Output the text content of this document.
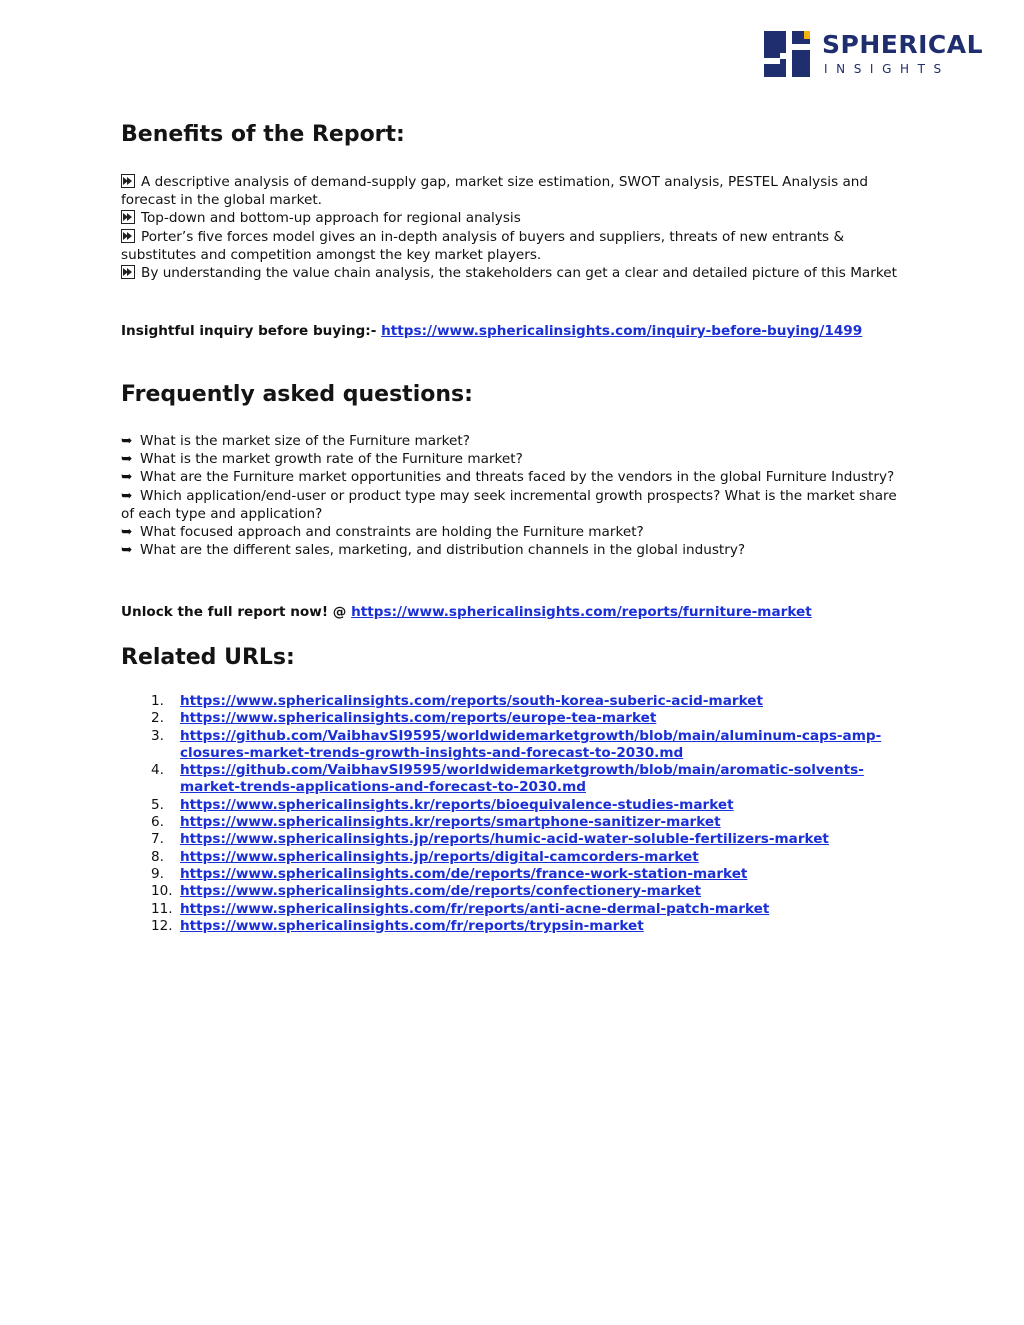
SPHERICAL
INSIGHTS
Benefits of the Report:

A descriptive analysis of demand-supply gap, market size estimation, SWOT analysis, PESTEL Analysis and forecast in the global market.

Top-down and bottom-up approach for regional analysis

Porter’s five forces model gives an in-depth analysis of buyers and suppliers, threats of new entrants & substitutes and competition amongst the key market players.

By understanding the value chain analysis, the stakeholders can get a clear and detailed picture of this Market

Insightful inquiry before buying:- https://www.sphericalinsights.com/inquiry-before-buying/1499
Frequently asked questions:

➥ What is the market size of the Furniture market?

➥ What is the market growth rate of the Furniture market?

➥ What are the Furniture market opportunities and threats faced by the vendors in the global Furniture Industry?

➥ Which application/end-user or product type may seek incremental growth prospects? What is the market share of each type and application?

➥ What focused approach and constraints are holding the Furniture market?

➥ What are the different sales, marketing, and distribution channels in the global industry?

Unlock the full report now! @ https://www.sphericalinsights.com/reports/furniture-market
Related URLs:
1. https://www.sphericalinsights.com/reports/south-korea-suberic-acid-market
2. https://www.sphericalinsights.com/reports/europe-tea-market
3. https://github.com/VaibhavSI9595/worldwidemarketgrowth/blob/main/aluminum-caps-amp-closures-market-trends-growth-insights-and-forecast-to-2030.md
4. https://github.com/VaibhavSI9595/worldwidemarketgrowth/blob/main/aromatic-solvents-market-trends-applications-and-forecast-to-2030.md
5. https://www.sphericalinsights.kr/reports/bioequivalence-studies-market
6. https://www.sphericalinsights.kr/reports/smartphone-sanitizer-market
7. https://www.sphericalinsights.jp/reports/humic-acid-water-soluble-fertilizers-market
8. https://www.sphericalinsights.jp/reports/digital-camcorders-market
9. https://www.sphericalinsights.com/de/reports/france-work-station-market
10. https://www.sphericalinsights.com/de/reports/confectionery-market
11. https://www.sphericalinsights.com/fr/reports/anti-acne-dermal-patch-market
12. https://www.sphericalinsights.com/fr/reports/trypsin-market
